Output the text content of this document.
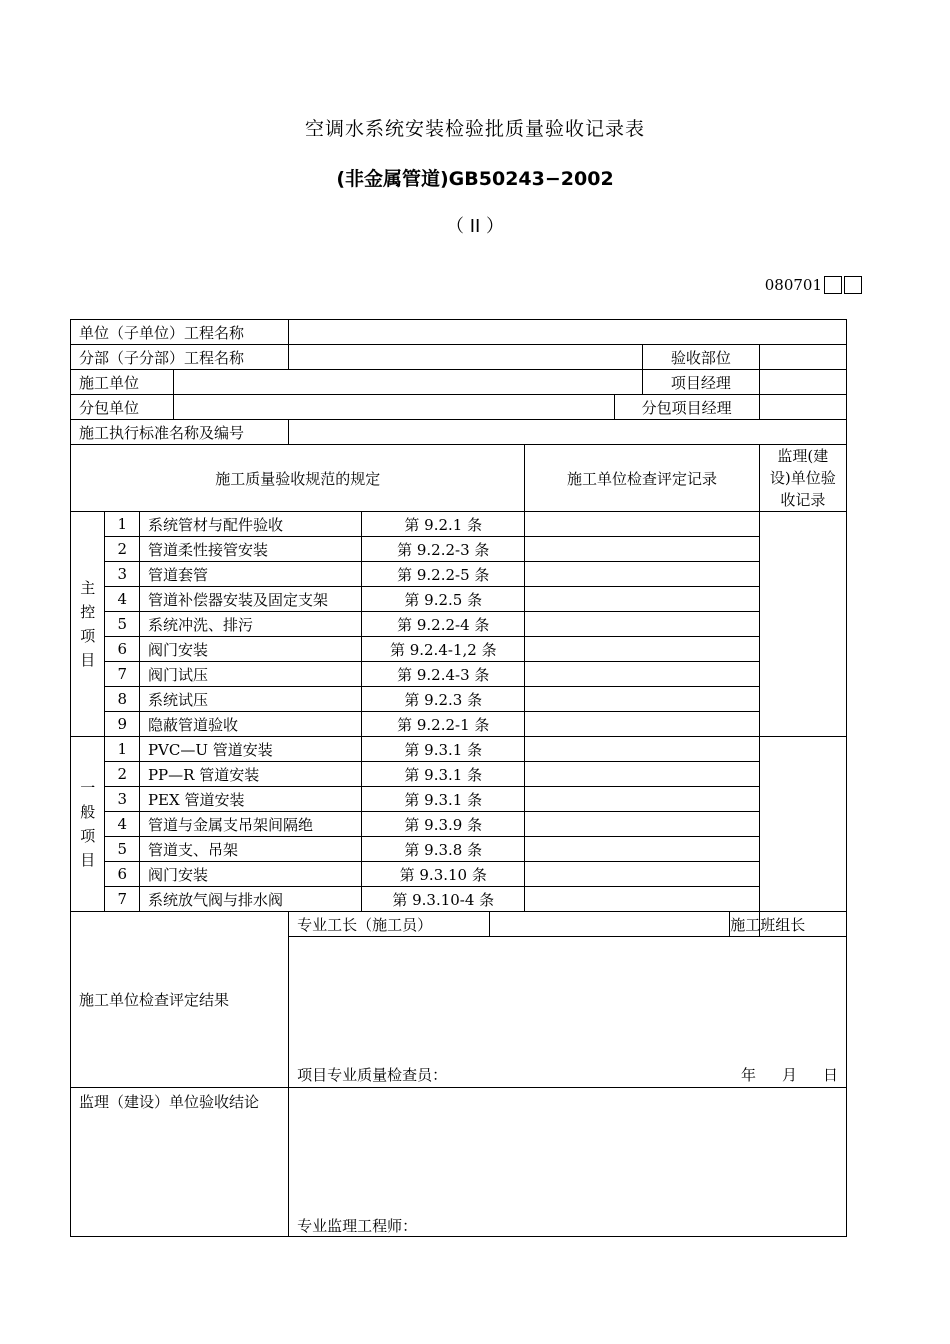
空调水系统安装检验批质量验收记录表
(非金属管道)GB50243−2002
（ II ）
080701
单位（子单位）工程名称											
分部（子分部）工程名称									验收部位		
施工单位									项目经理		
分包单位								分包项目经理			
施工执行标准名称及编号											
施工质量验收规范的规定							施工单位检查评定记录				监理(建设)单位验收记录

主
控
项
目	1	系统管材与配件验收			第 9.2.1 条						
	2	管道柔性接管安装			第 9.2.2-3 条						
	3	管道套管			第 9.2.2-5 条						
	4	管道补偿器安装及固定支架			第 9.2.5 条						
	5	系统冲洗、排污			第 9.2.2-4 条						
	6	阀门安装			第 9.2.4-1,2 条						
	7	阀门试压			第 9.2.4-3 条						
	8	系统试压			第 9.2.3 条						
	9	隐蔽管道验收			第 9.2.2-1 条						

一
般
项
目	1	PVC—U 管道安装			第 9.3.1 条						
	2	PP—R 管道安装			第 9.3.1 条						
	3	PEX 管道安装			第 9.3.1 条						
	4	管道与金属支吊架间隔绝			第 9.3.9 条						
	5	管道支、吊架			第 9.3.8 条						
	6	阀门安装			第 9.3.10 条						
	7	系统放气阀与排水阀			第 9.3.10-4 条						
施工单位检查评定结果				专业工长（施工员）						施工班组长	

				项目专业质量检查员： 年 月 日							

监理（建设）单位验收结论				专业监理工程师：							
